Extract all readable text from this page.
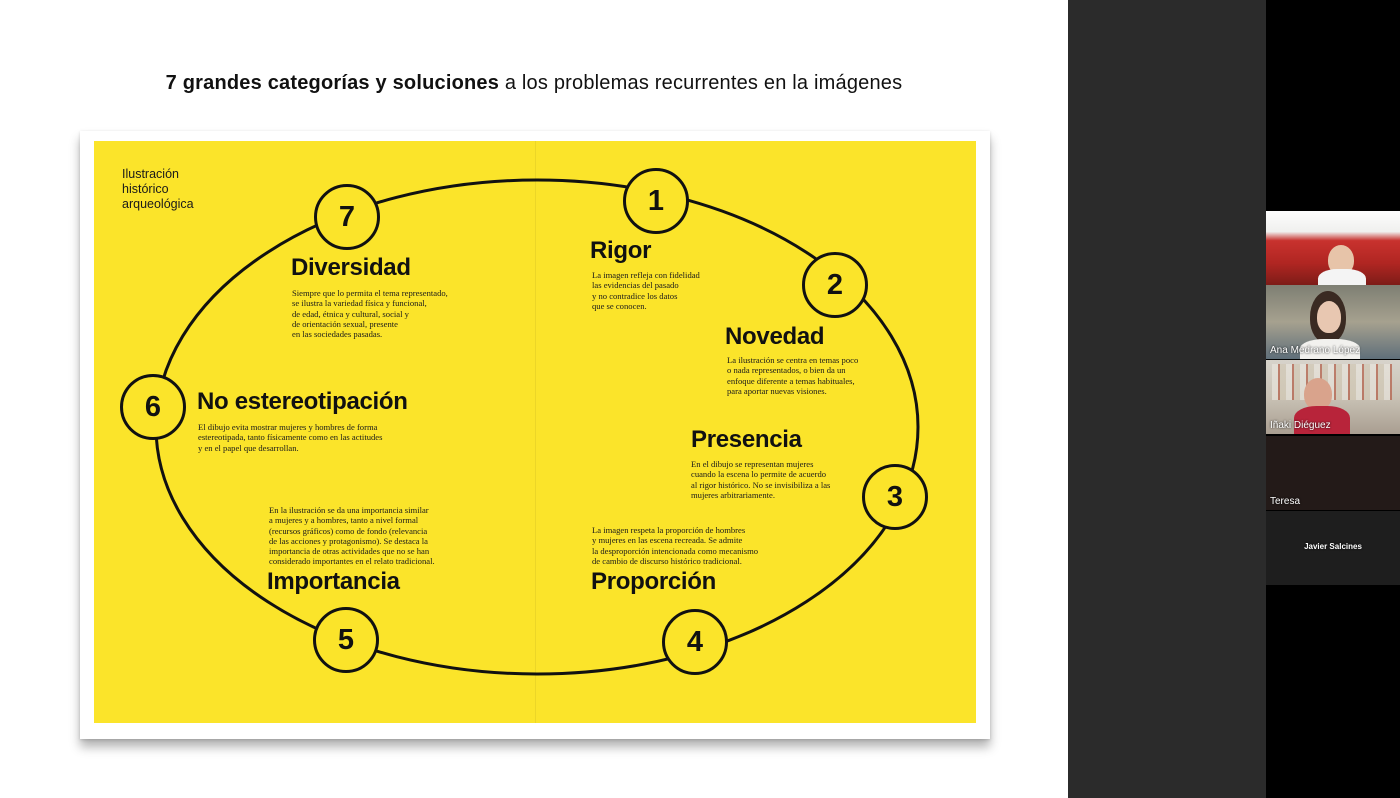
7 grandes categorías y soluciones a los problemas recurrentes en la imágenes
Ilustración
histórico
arqueológica	1
Rigor
La imagen refleja con fidelidad
las evidencias del pasado
y no contradice los datos
que se conocen.
2
Novedad
La ilustración se centra en temas poco
o nada representados, o bien da un
enfoque diferente a temas habituales,
para aportar nuevas visiones.
Presencia
En el dibujo se representan mujeres
cuando la escena lo permite de acuerdo
al rigor histórico. No se invisibiliza a las
mujeres arbitrariamente.	3
La imagen respeta la proporción de hombres
y mujeres en las escena recreada. Se admite
la desproporción intencionada como mecanismo
de cambio de discurso histórico tradicional.
Proporción
4
En la ilustración se da una importancia similar
a mujeres y a hombres, tanto a nivel formal
(recursos gráficos) como de fondo (relevancia
de las acciones y protagonismo). Se destaca la
importancia de otras actividades que no se han
considerado importantes en el relato tradicional.
Importancia
5
6	No estereotipación
El dibujo evita mostrar mujeres y hombres de forma
estereotipada, tanto físicamente como en las actitudes
y en el papel que desarrollan.
7
Diversidad
Siempre que lo permita el tema representado,
se ilustra la variedad física y funcional,
de edad, étnica y cultural, social y
de orientación sexual, presente
en las sociedades pasadas.
Ana Medrano López
Iñaki Diéguez
Teresa
Javier Salcines
